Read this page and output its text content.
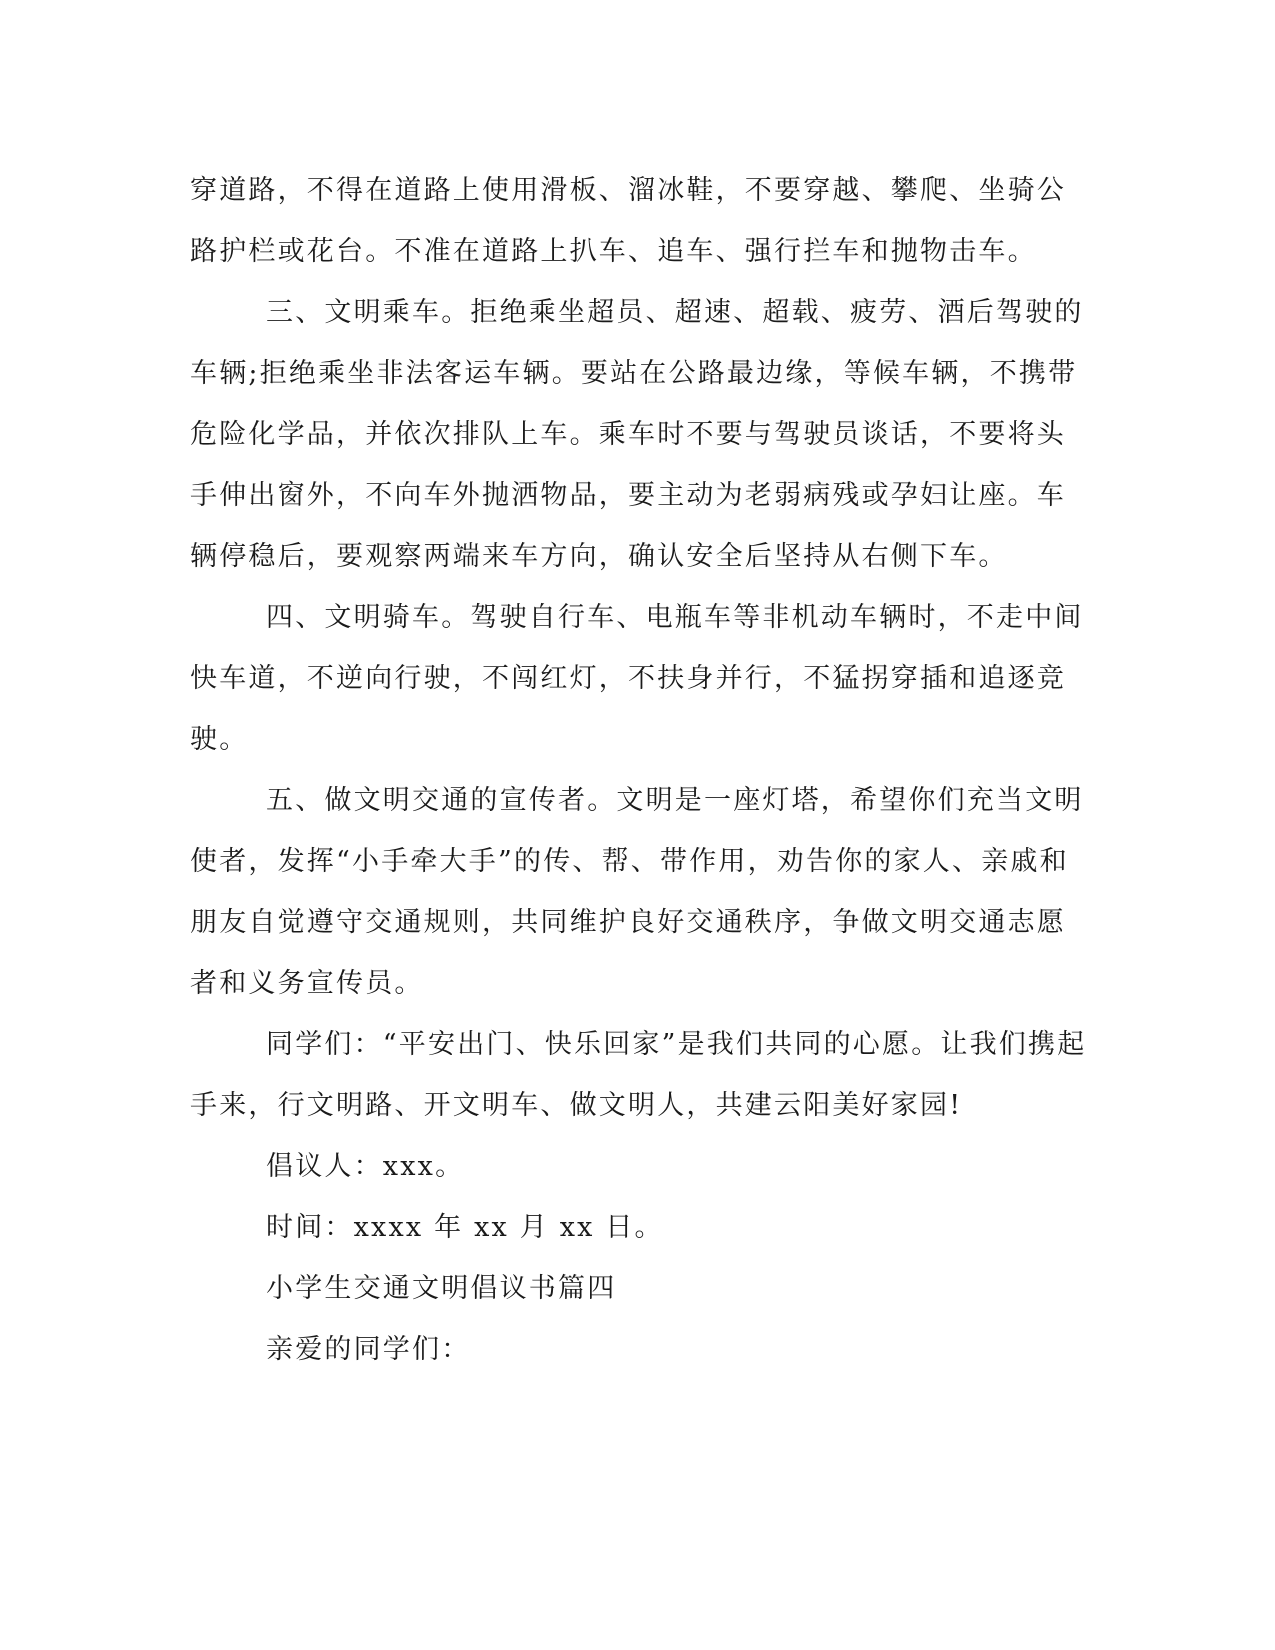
穿道路，不得在道路上使用滑板、溜冰鞋，不要穿越、攀爬、坐骑公
路护栏或花台。不准在道路上扒车、追车、强行拦车和抛物击车。
三、文明乘车。拒绝乘坐超员、超速、超载、疲劳、酒后驾驶的
车辆;拒绝乘坐非法客运车辆。要站在公路最边缘，等候车辆，不携带
危险化学品，并依次排队上车。乘车时不要与驾驶员谈话，不要将头
手伸出窗外，不向车外抛洒物品，要主动为老弱病残或孕妇让座。车
辆停稳后，要观察两端来车方向，确认安全后坚持从右侧下车。
四、文明骑车。驾驶自行车、电瓶车等非机动车辆时，不走中间
快车道，不逆向行驶，不闯红灯，不扶身并行，不猛拐穿插和追逐竞
驶。
五、做文明交通的宣传者。文明是一座灯塔，希望你们充当文明
使者，发挥“小手牵大手”的传、帮、带作用，劝告你的家人、亲戚和
朋友自觉遵守交通规则，共同维护良好交通秩序，争做文明交通志愿
者和义务宣传员。
同学们：“平安出门、快乐回家”是我们共同的心愿。让我们携起
手来，行文明路、开文明车、做文明人，共建云阳美好家园!
倡议人：xxx。
时间：xxxx 年 xx 月 xx 日。
小学生交通文明倡议书篇四
亲爱的同学们：
